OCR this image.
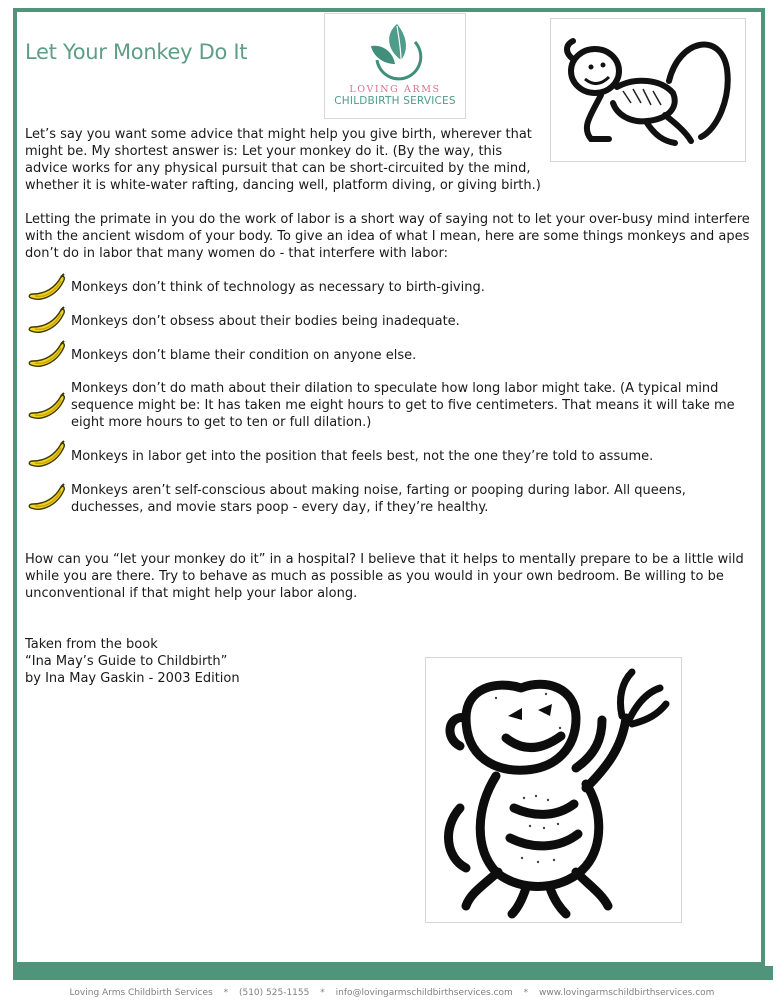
Let Your Monkey Do It
LOVING ARMS
CHILDBIRTH SERVICES
Let’s say you want some advice that might help you give birth, wherever that
might be. My shortest answer is: Let your monkey do it. (By the way, this
advice works for any physical pursuit that can be short-circuited by the mind,
whether it is white-water rafting, dancing well, platform diving, or giving birth.)
Letting the primate in you do the work of labor is a short way of saying not to let your over-busy mind interfere
with the ancient wisdom of your body. To give an idea of what I mean, here are some things monkeys and apes
don’t do in labor that many women do - that interfere with labor:
Monkeys don’t think of technology as necessary to birth-giving.
Monkeys don’t obsess about their bodies being inadequate.
Monkeys don’t blame their condition on anyone else.
Monkeys don’t do math about their dilation to speculate how long labor might take. (A typical mind
sequence might be: It has taken me eight hours to get to five centimeters. That means it will take me
eight more hours to get to ten or full dilation.)
Monkeys in labor get into the position that feels best, not the one they’re told to assume.
Monkeys aren’t self-conscious about making noise, farting or pooping during labor. All queens,
duchesses, and movie stars poop - every day, if they’re healthy.
How can you “let your monkey do it” in a hospital? I believe that it helps to mentally prepare to be a little wild
while you are there. Try to behave as much as possible as you would in your own bedroom. Be willing to be
unconventional if that might help your labor along.
Taken from the book
“Ina May’s Guide to Childbirth”
by Ina May Gaskin - 2003 Edition
Loving Arms Childbirth Services * (510) 525-1155 * info@lovingarmschildbirthservices.com * www.lovingarmschildbirthservices.com
